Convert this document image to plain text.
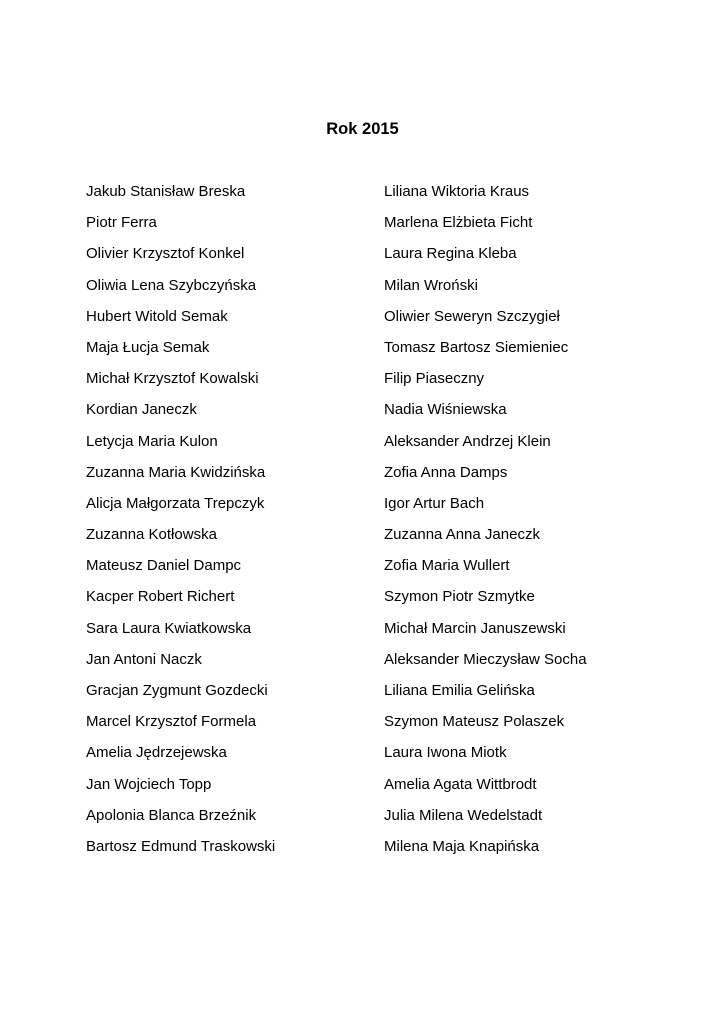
Rok 2015
Jakub Stanisław Breska
Piotr Ferra
Olivier Krzysztof Konkel
Oliwia Lena Szybczyńska
Hubert Witold Semak
Maja Łucja Semak
Michał Krzysztof Kowalski
Kordian Janeczk
Letycja Maria Kulon
Zuzanna Maria Kwidzińska
Alicja Małgorzata Trepczyk
Zuzanna Kotłowska
Mateusz Daniel Dampc
Kacper Robert Richert
Sara Laura Kwiatkowska
Jan Antoni Naczk
Gracjan Zygmunt Gozdecki
Marcel Krzysztof Formela
Amelia Jędrzejewska
Jan Wojciech Topp
Apolonia Blanca Brzeźnik
Bartosz Edmund Traskowski
Liliana Wiktoria Kraus
Marlena Elżbieta Ficht
Laura Regina Kleba
Milan Wroński
Oliwier Seweryn Szczygieł
Tomasz Bartosz Siemieniec
Filip Piaseczny
Nadia Wiśniewska
Aleksander Andrzej Klein
Zofia Anna Damps
Igor Artur Bach
Zuzanna Anna Janeczk
Zofia Maria Wullert
Szymon Piotr Szmytke
Michał Marcin Januszewski
Aleksander Mieczysław Socha
Liliana Emilia Gelińska
Szymon Mateusz Polaszek
Laura Iwona Miotk
Amelia Agata Wittbrodt
Julia Milena Wedelstadt
Milena Maja Knapińska
